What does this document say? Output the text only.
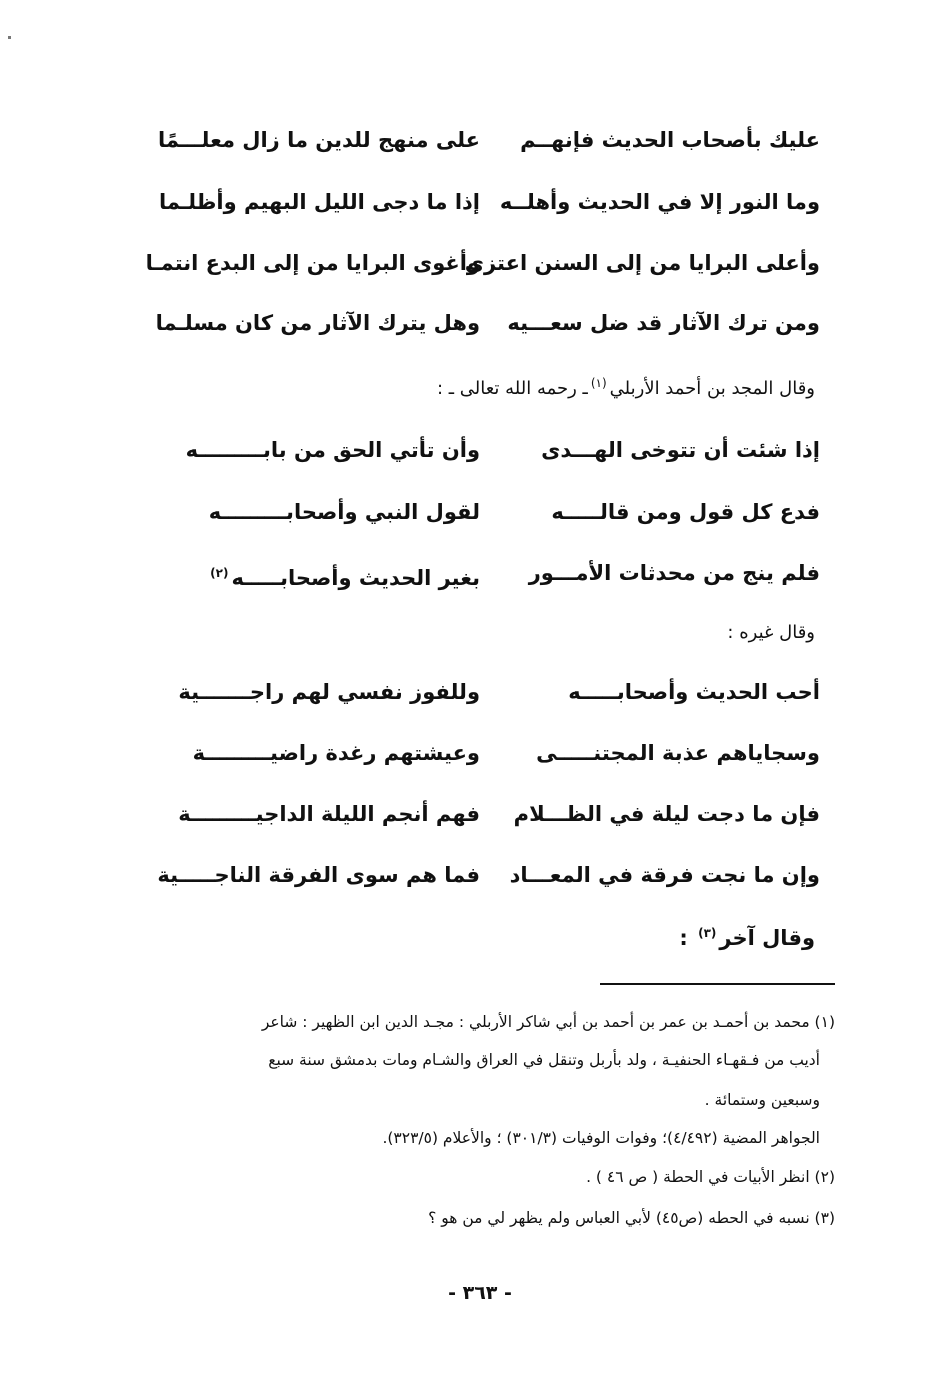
عليك بأصحاب الحديث فإنهــم
على منهج للدين ما زال معلـــمًا
وما النور إلا في الحديث وأهلــه
إذا ما دجى الليل البهيم وأظلـما
وأعلى البرايا من إلى السنن اعتزى
وأغوى البرايا من إلى البدع انتمـا
ومن ترك الآثار قد ضل سعـــيه
وهل يترك الآثار من كان مسلـما
وقال المجد بن أحمد الأربلي$^{(١)}$ـ رحمه الله تعالى ـ :
إذا شئت أن تتوخى الهـــدى
وأن تأتي الحق من بابـــــــــه
فدع كل قول ومن قالـــــه
لقول النبي وأصحابـــــــــه
فلم ينج من محدثات الأمـــور
بغير الحديث وأصحابـــــه$^{(٢)}$
وقال غيره :
أحب الحديث وأصحابـــــه
وللفوز نفسي لهم راجـــــــية
وسجاياهم عذبة المجتنـــــى
وعيشتهم رغدة راضيـــــــــة
فإن ما دجت ليلة في الظـــلام
فهم أنجم الليلة الداجيـــــــــة
وإن ما نجت فرقة في المعـــاد
فما هم سوى الفرقة الناجـــــية
وقال آخر$^{(٣)}$ :
(١) محمد بن أحمـد بن عمر بن أحمد بن أبي شاكر الأربلي : مجـد الدين ابن الظهير : شاعر
أديب من فـقهـاء الحنفيـة ، ولد بأربل وتنقل في العراق والشـام ومات بدمشق سنة سبع
وسبعين وستمائة .
الجواهر المضية (٤/٤٩٢)؛ وفوات الوفيات (٣٠١/٣) ؛ والأعلام (٣٢٣/٥).
(٢) انظر الأبيات في الحطة ( ص ٤٦ ) .
(٣) نسبه في الحطه (ص٤٥) لأبي العباس ولم يظهر لي من هو ؟
- ٣٦٣ -
